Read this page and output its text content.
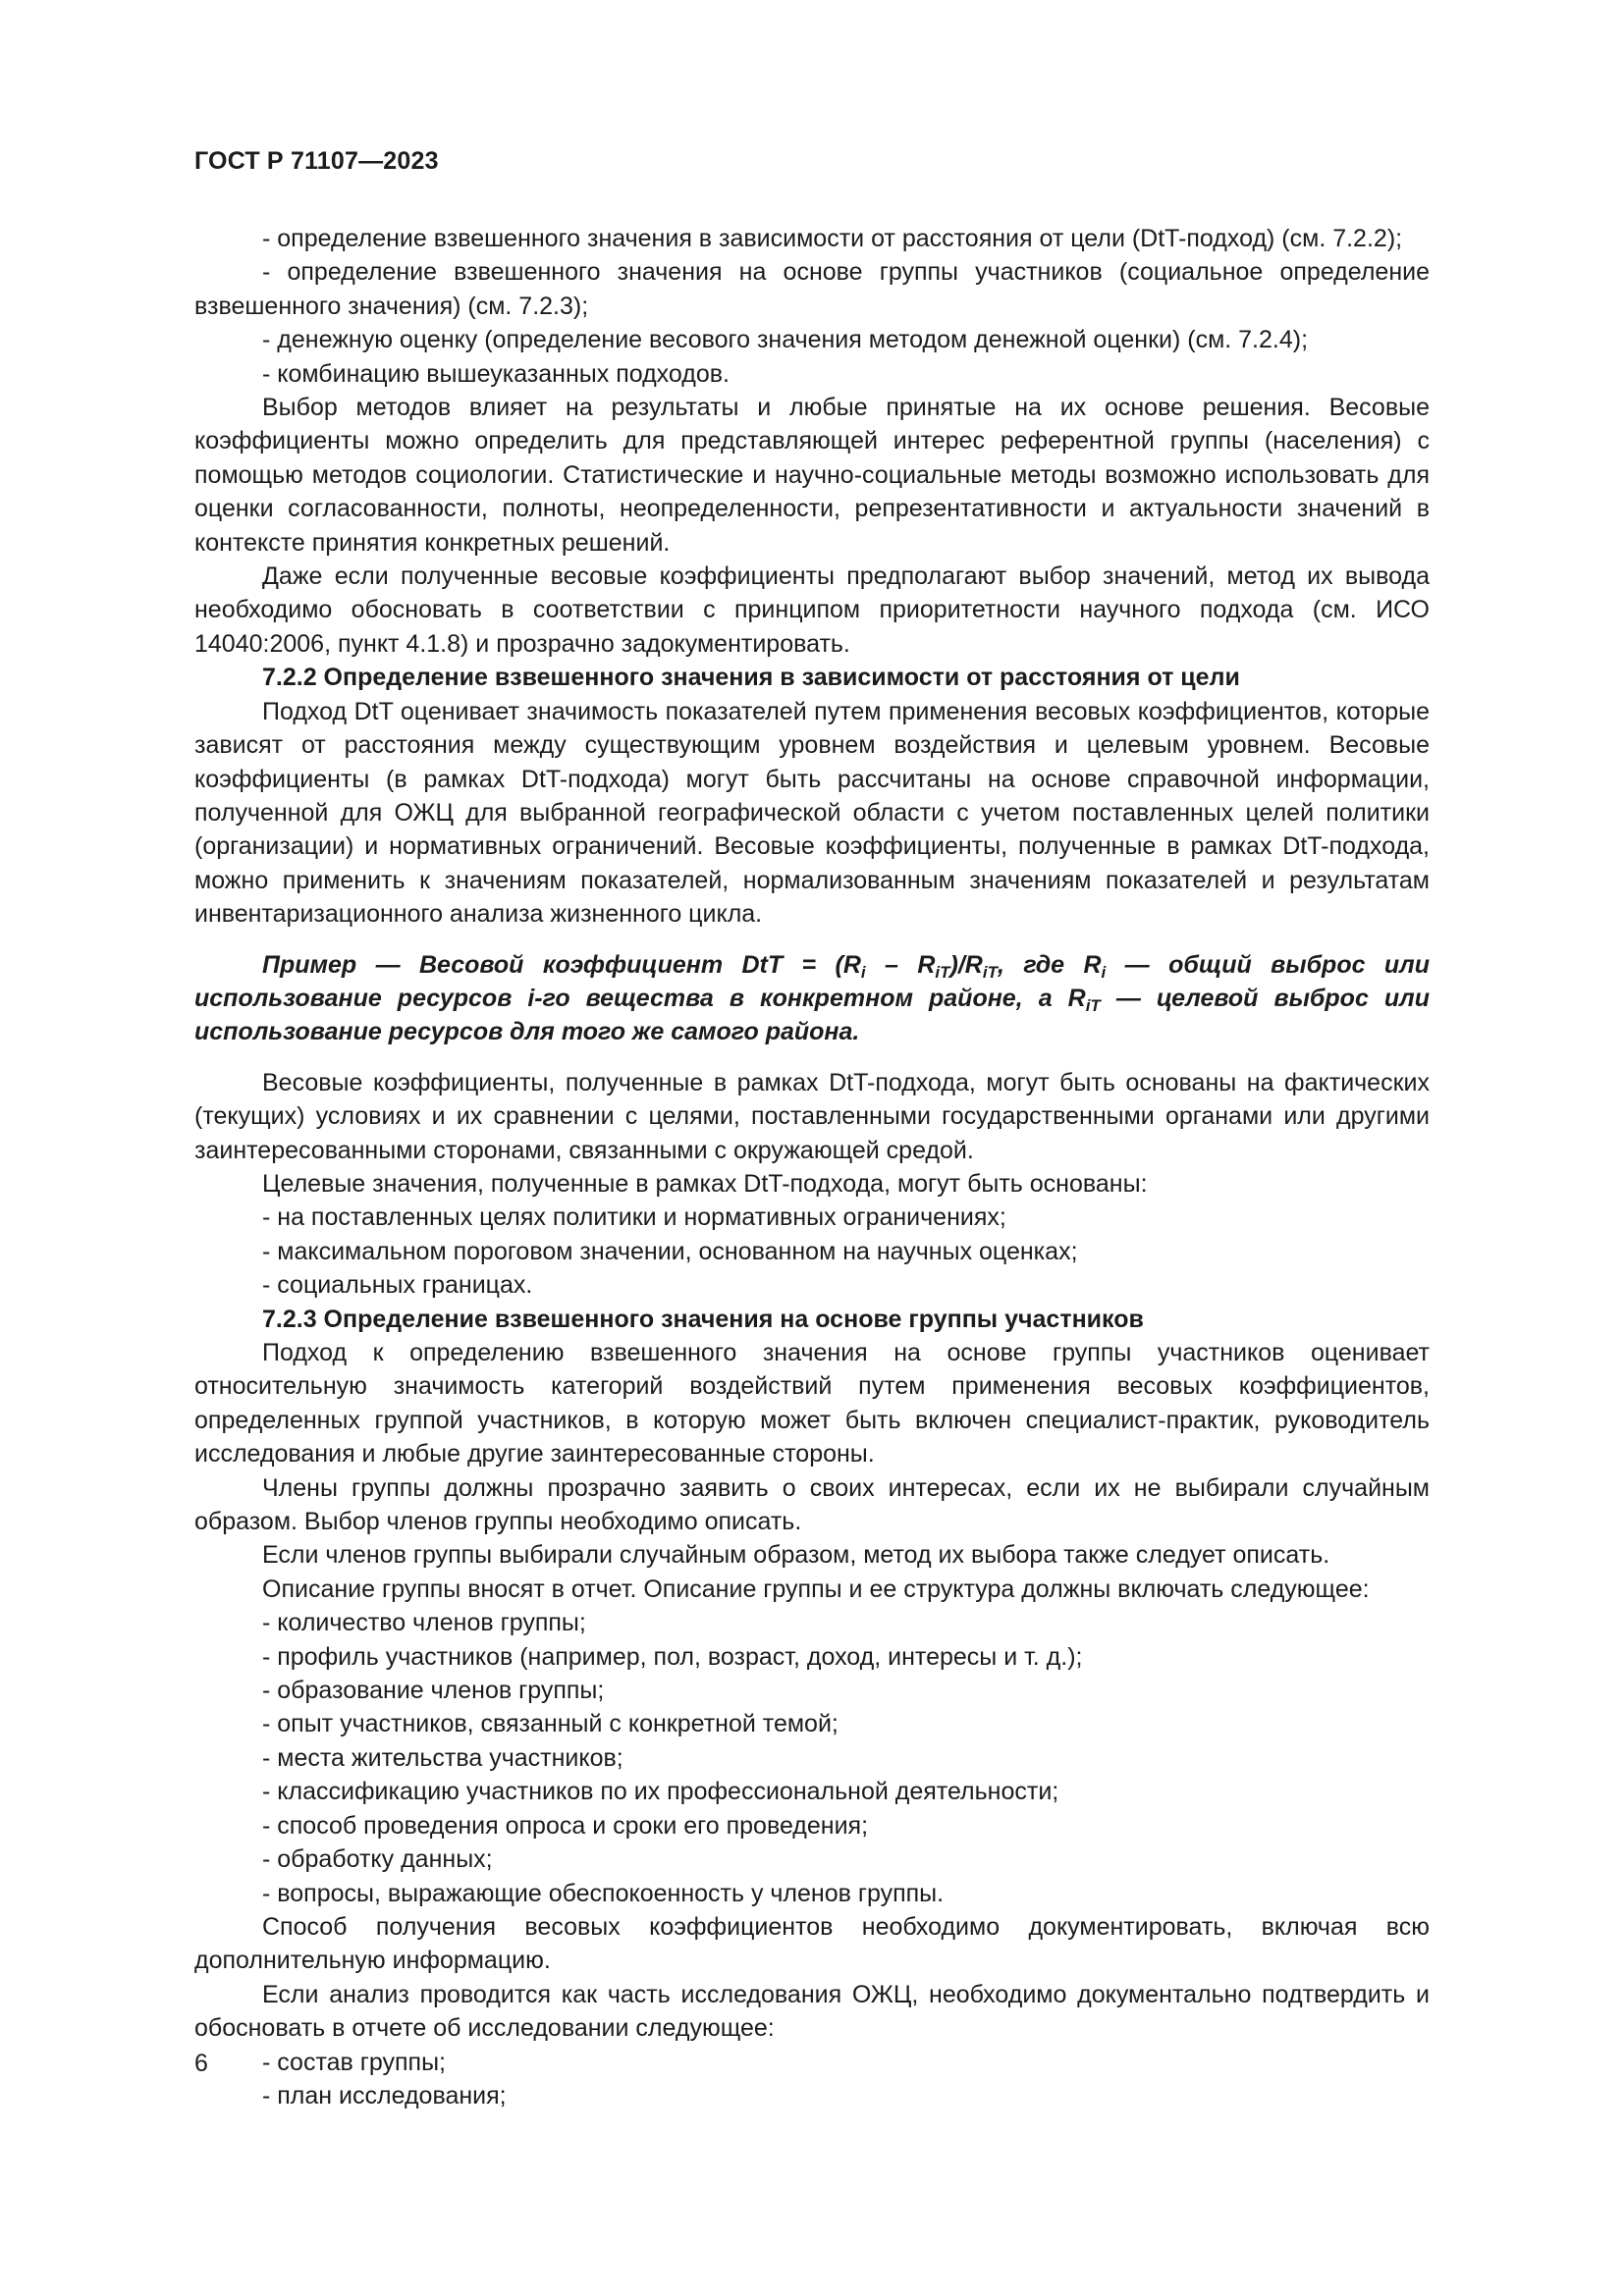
ГОСТ Р 71107—2023

- определение взвешенного значения в зависимости от расстояния от цели (DtT-подход) (см. 7.2.2);

- определение взвешенного значения на основе группы участников (социальное определение взвешенного значения) (см. 7.2.3);

- денежную оценку (определение весового значения методом денежной оценки) (см. 7.2.4);

- комбинацию вышеуказанных подходов.

Выбор методов влияет на результаты и любые принятые на их основе решения. Весовые коэффициенты можно определить для представляющей интерес референтной группы (населения) с помощью методов социологии. Статистические и научно-социальные методы возможно использовать для оценки согласованности, полноты, неопределенности, репрезентативности и актуальности значений в контексте принятия конкретных решений.

Даже если полученные весовые коэффициенты предполагают выбор значений, метод их вывода необходимо обосновать в соответствии с принципом приоритетности научного подхода (см. ИСО 14040:2006, пункт 4.1.8) и прозрачно задокументировать.

7.2.2 Определение взвешенного значения в зависимости от расстояния от цели

Подход DtT оценивает значимость показателей путем применения весовых коэффициентов, которые зависят от расстояния между существующим уровнем воздействия и целевым уровнем. Весовые коэффициенты (в рамках DtT-подхода) могут быть рассчитаны на основе справочной информации, полученной для ОЖЦ для выбранной географической области с учетом поставленных целей политики (организации) и нормативных ограничений. Весовые коэффициенты, полученные в рамках DtT-подхода, можно применить к значениям показателей, нормализованным значениям показателей и результатам инвентаризационного анализа жизненного цикла.

Пример — Весовой коэффициент DtT = $(R_i - R_{iT})/R_{iT}$, где $R_i$ — общий выброс или использование ресурсов i-го вещества в конкретном районе, а $R_{iT}$ — целевой выброс или использование ресурсов для того же самого района.

Весовые коэффициенты, полученные в рамках DtT-подхода, могут быть основаны на фактических (текущих) условиях и их сравнении с целями, поставленными государственными органами или другими заинтересованными сторонами, связанными с окружающей средой.

Целевые значения, полученные в рамках DtT-подхода, могут быть основаны:

- на поставленных целях политики и нормативных ограничениях;

- максимальном пороговом значении, основанном на научных оценках;

- социальных границах.

7.2.3 Определение взвешенного значения на основе группы участников

Подход к определению взвешенного значения на основе группы участников оценивает относительную значимость категорий воздействий путем применения весовых коэффициентов, определенных группой участников, в которую может быть включен специалист-практик, руководитель исследования и любые другие заинтересованные стороны.

Члены группы должны прозрачно заявить о своих интересах, если их не выбирали случайным образом. Выбор членов группы необходимо описать.

Если членов группы выбирали случайным образом, метод их выбора также следует описать.

Описание группы вносят в отчет. Описание группы и ее структура должны включать следующее:

- количество членов группы;

- профиль участников (например, пол, возраст, доход, интересы и т. д.);

- образование членов группы;

- опыт участников, связанный с конкретной темой;

- места жительства участников;

- классификацию участников по их профессиональной деятельности;

- способ проведения опроса и сроки его проведения;

- обработку данных;

- вопросы, выражающие обеспокоенность у членов группы.

Способ получения весовых коэффициентов необходимо документировать, включая всю дополнительную информацию.

Если анализ проводится как часть исследования ОЖЦ, необходимо документально подтвердить и обосновать в отчете об исследовании следующее:

- состав группы;

- план исследования;

6
